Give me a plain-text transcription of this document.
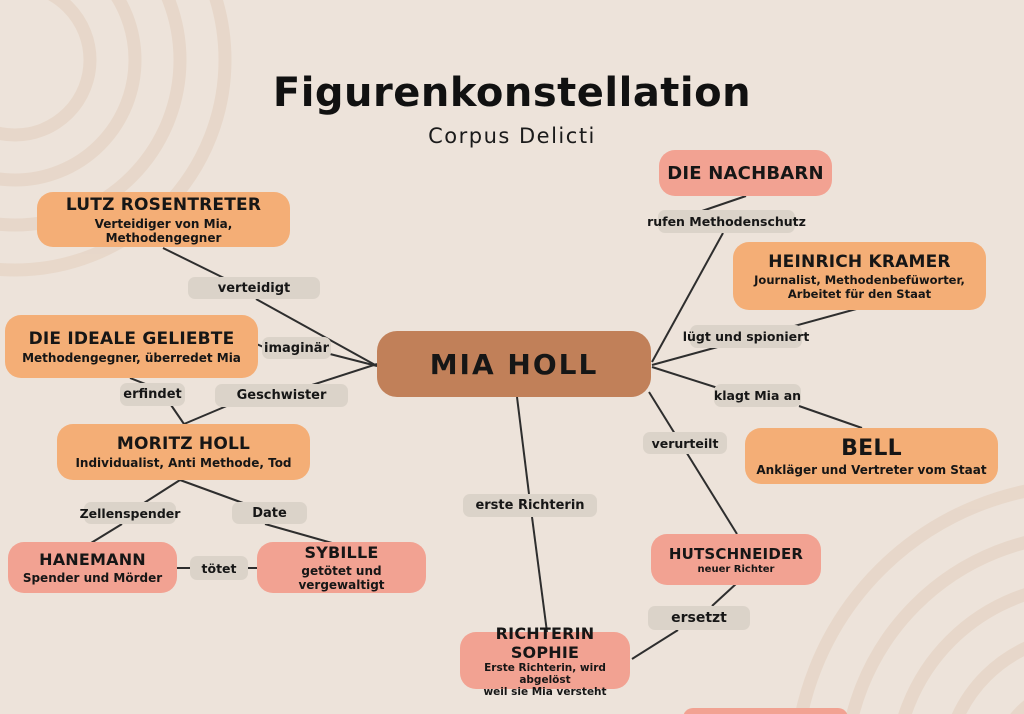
Figurenkonstellation
Corpus Delicti
verteidigt
imaginär
erfindet	Geschwister
Zellenspender	Date
tötet
rufen Methodenschutz
lügt und spioniert
klagt Mia an
verurteilt
erste Richterin
ersetzt
LUTZ ROSENTRETER
Verteidiger von Mia, Methodengegner
DIE IDEALE GELIEBTE
Methodengegner, überredet Mia
MORITZ HOLL
Individualist, Anti Methode, Tod
HANEMANN
Spender und Mörder
SYBILLE
getötet und vergewaltigt
MIA HOLL
DIE NACHBARN
HEINRICH KRAMER
Journalist, Methodenbefüworter,
Arbeitet für den Staat
BELL
Ankläger und Vertreter vom Staat
HUTSCHNEIDER
neuer Richter
RICHTERIN SOPHIE
Erste Richterin, wird abgelöst
weil sie Mia versteht
